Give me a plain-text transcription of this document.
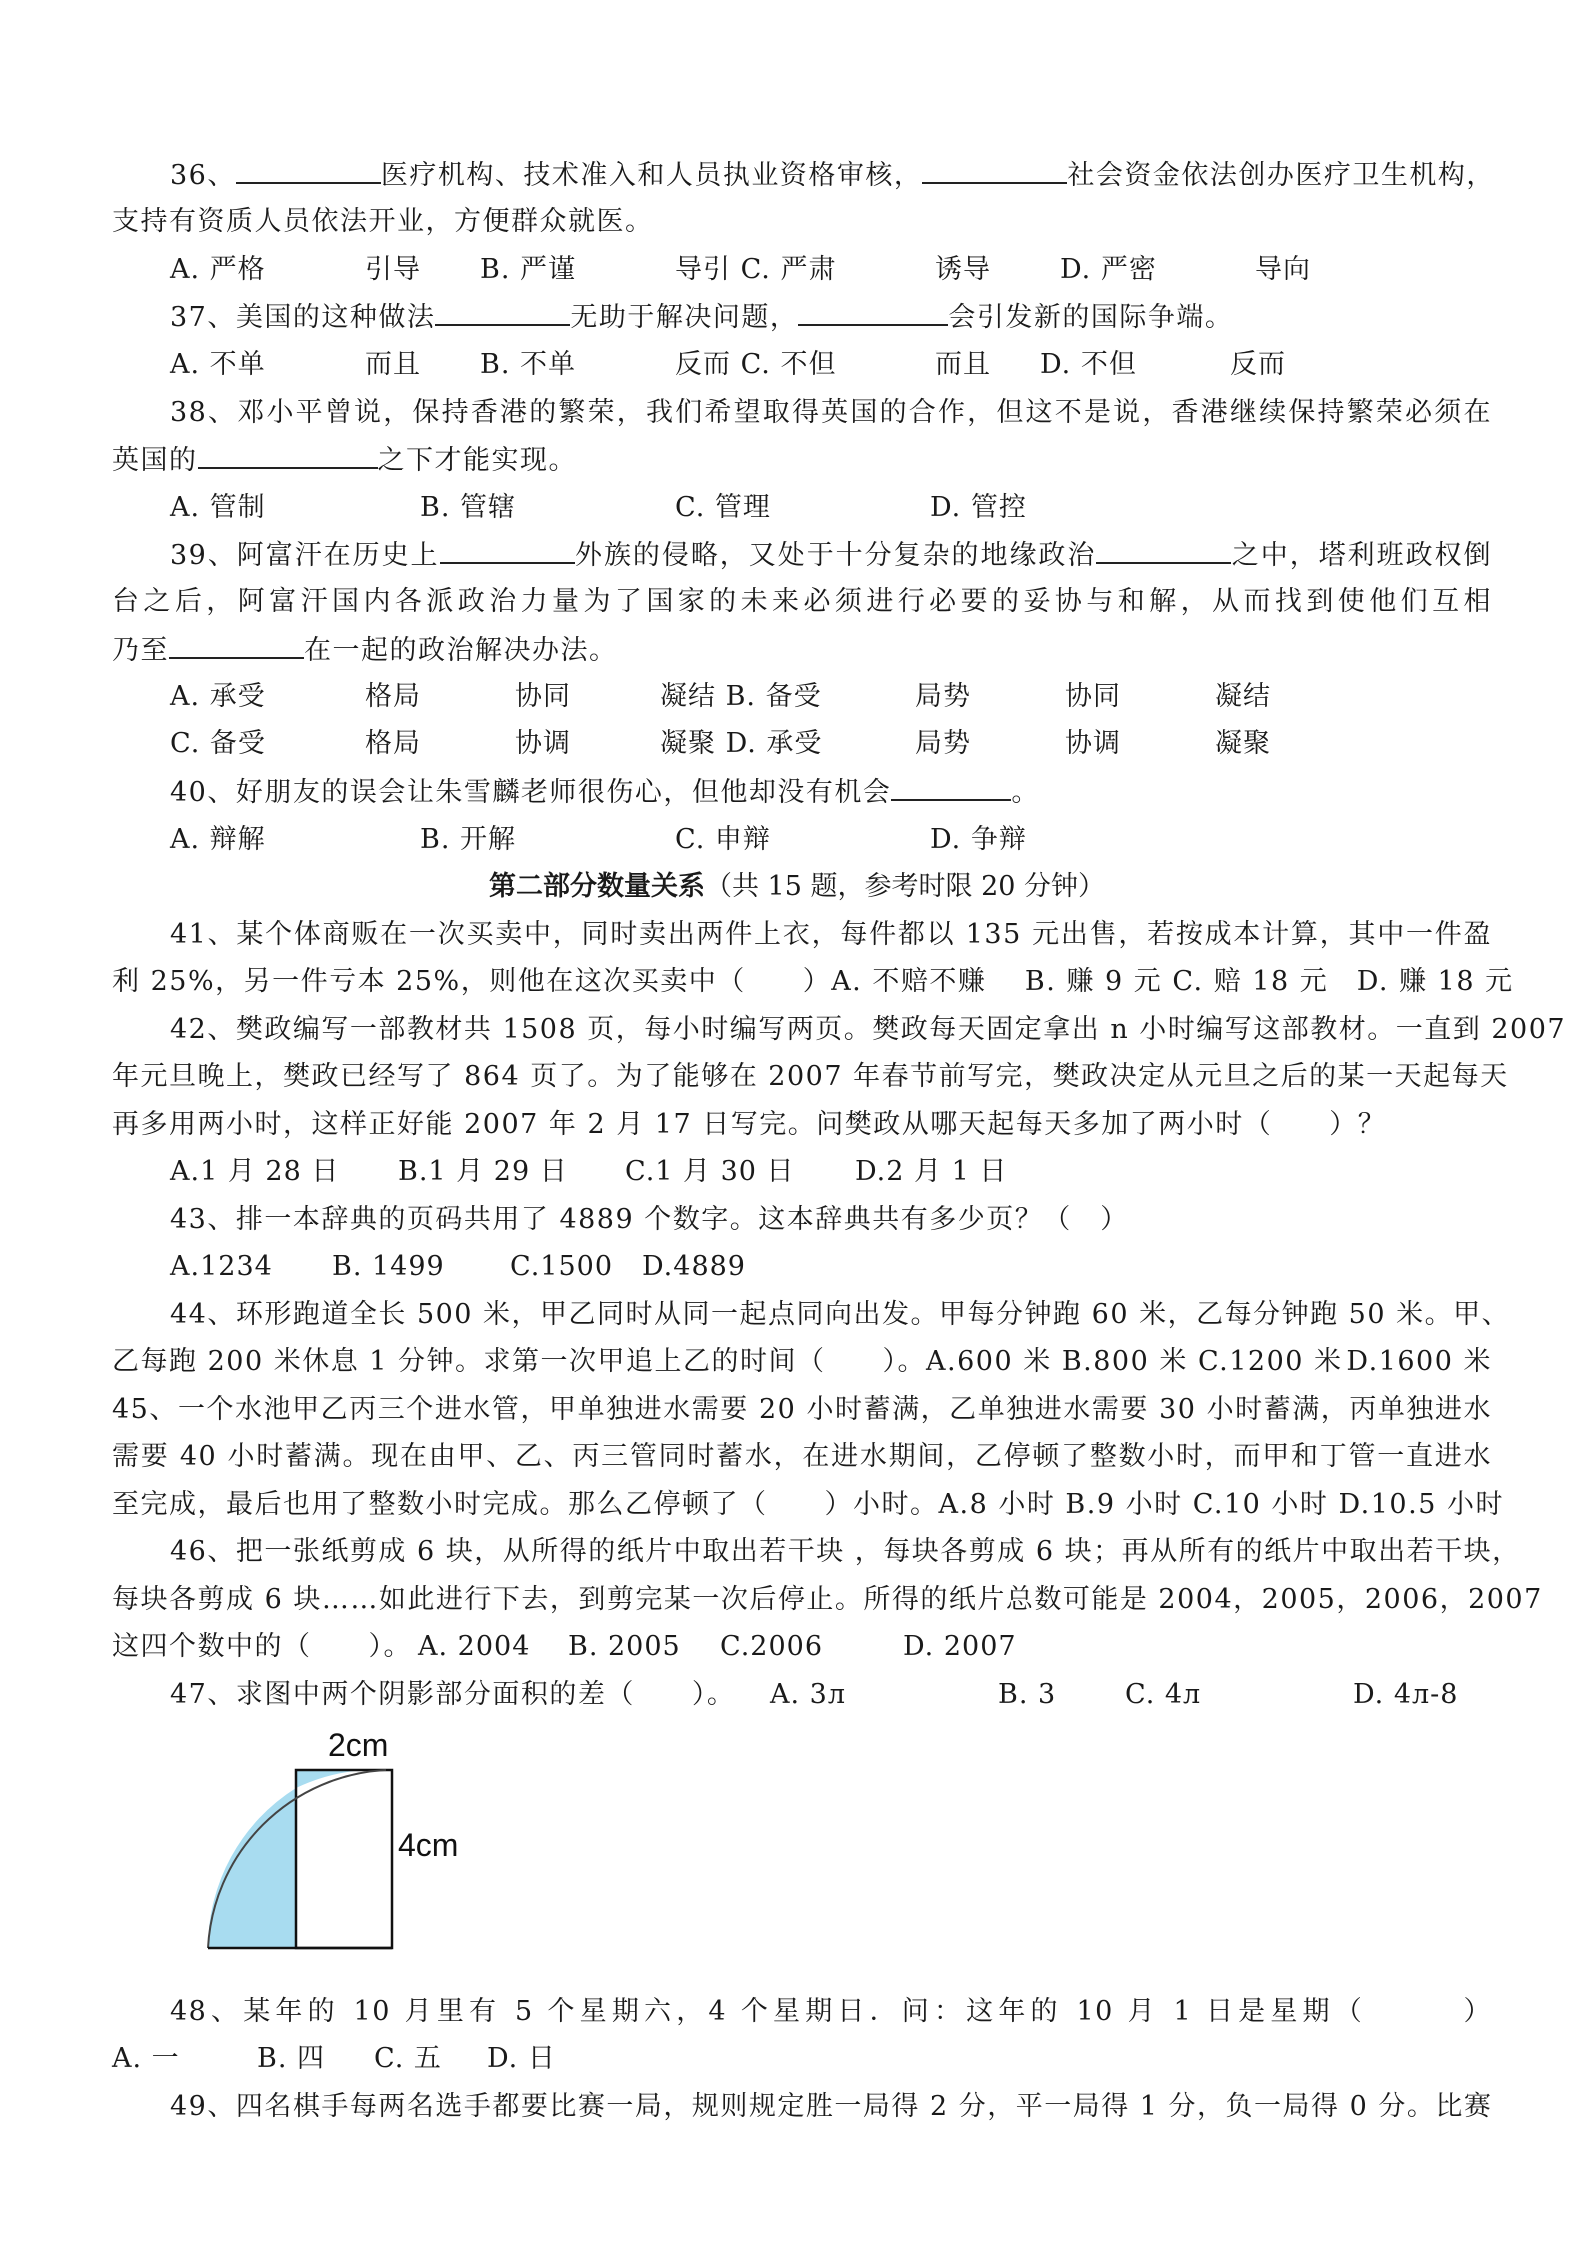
36、	医疗机构、技术准入和人员执业资格审核，	社会资金依法创办医疗卫生机构，
支持有资质人员依法开业，方便群众就医。
A. 严格	引导 B. 严谨	导引 C. 严肃	诱导	D. 严密	导向
37、美国的这种做法	无助于解决问题，	会引发新的国际争端。
A. 不单	而且 B. 不单	反而 C. 不但	而且 D. 不但	反而
38、邓小平曾说，保持香港的繁荣，我们希望取得英国的合作，但这不是说，香港继续保持繁荣必须在
英国的	之下才能实现。
A. 管制	B. 管辖	C. 管理	D. 管控
39、阿富汗在历史上	外族的侵略，又处于十分复杂的地缘政治	之中，塔利班政权倒
台之后，阿富汗国内各派政治力量为了国家的未来必须进行必要的妥协与和解，从而找到使他们互相
乃至	在一起的政治解决办法。
A. 承受	格局	协同	凝结 B. 备受	局势	协同	凝结
C. 备受	格局	协调	凝聚 D. 承受	局势	协调	凝聚
40、好朋友的误会让朱雪麟老师很伤心，但他却没有机会	。
A. 辩解	B. 开解	C. 申辩	D. 争辩
第二部分数量关系（共 15 题，参考时限 20 分钟）
41、某个体商贩在一次买卖中，同时卖出两件上衣，每件都以 135 元出售，若按成本计算，其中一件盈
利 25%，另一件亏本 25%，则他在这次买卖中（　　）A. 不赔不赚　 B. 赚 9 元 C. 赔 18 元　D. 赚 18 元
42、樊政编写一部教材共 1508 页，每小时编写两页。樊政每天固定拿出 n 小时编写这部教材。一直到 2007
年元旦晚上，樊政已经写了 864 页了。为了能够在 2007 年春节前写完，樊政决定从元旦之后的某一天起每天
再多用两小时，这样正好能 2007 年 2 月 17 日写完。问樊政从哪天起每天多加了两小时（　　）？
A.1 月 28 日 B.1 月 29 日 C.1 月 30 日 D.2 月 1 日
43、排一本辞典的页码共用了 4889 个数字。这本辞典共有多少页？（　）
A.1234 B. 1499 C.1500 D.4889
44、环形跑道全长 500 米，甲乙同时从同一起点同向出发。甲每分钟跑 60 米，乙每分钟跑 50 米。甲、
乙每跑 200 米休息 1 分钟。求第一次甲追上乙的时间（　　）。A.600 米 B.800 米 C.1200 米 D.1600 米
45、一个水池甲乙丙三个进水管，甲单独进水需要 20 小时蓄满，乙单独进水需要 30 小时蓄满，丙单独进水
需要 40 小时蓄满。现在由甲、乙、丙三管同时蓄水，在进水期间，乙停顿了整数小时，而甲和丁管一直进水
至完成，最后也用了整数小时完成。那么乙停顿了（　　）小时。A.8 小时 B.9 小时 C.10 小时 D.10.5 小时
46、把一张纸剪成 6 块，从所得的纸片中取出若干块 ，每块各剪成 6 块；再从所有的纸片中取出若干块，
每块各剪成 6 块……如此进行下去，到剪完某一次后停止。所得的纸片总数可能是 2004，2005，2006，2007
这四个数中的（　　）。 A. 2004 B. 2005 C.2006	D. 2007
47、求图中两个阴影部分面积的差（　　）。 A. 3л	B. 3	C. 4л	D. 4л-8
2cm
4cm
48、某年的 10 月里有 5 个星期六，4 个星期日．问：这年的 10 月 1 日是星期（　　　）
A. 一	B. 四 C. 五 D. 日
49、四名棋手每两名选手都要比赛一局，规则规定胜一局得 2 分，平一局得 1 分，负一局得 0 分。比赛
